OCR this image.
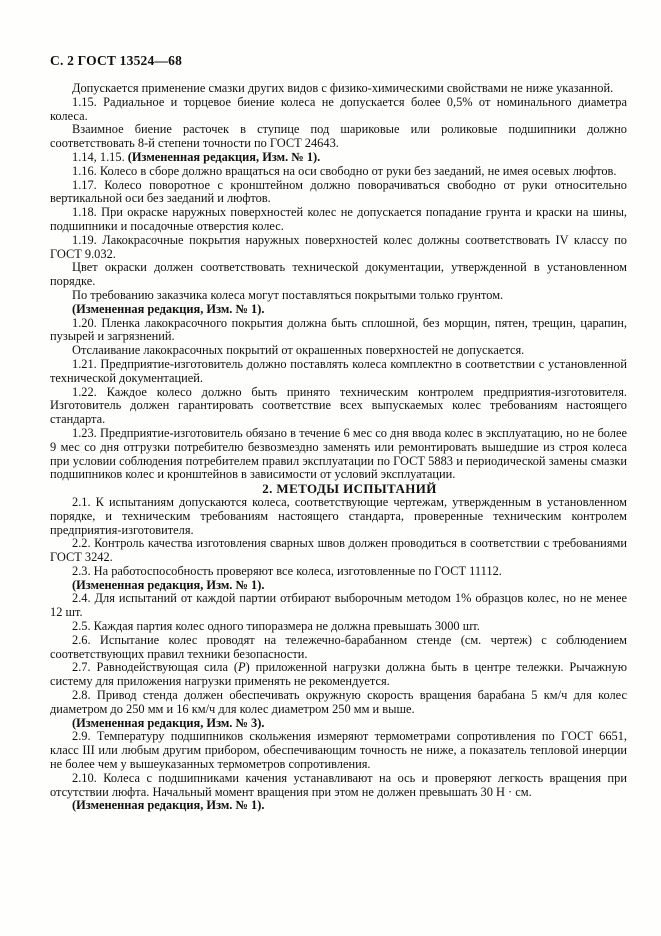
С. 2 ГОСТ 13524—68

Допускается применение смазки других видов с физико-химическими свойствами не ниже указанной.

1.15. Радиальное и торцевое биение колеса не допускается более 0,5% от номинального диаметра колеса.

Взаимное биение расточек в ступице под шариковые или роликовые подшипники должно соответствовать 8-й степени точности по ГОСТ 24643.

1.14, 1.15. (Измененная редакция, Изм. № 1).

1.16. Колесо в сборе должно вращаться на оси свободно от руки без заеданий, не имея осевых люфтов.

1.17. Колесо поворотное с кронштейном должно поворачиваться свободно от руки относительно вертикальной оси без заеданий и люфтов.

1.18. При окраске наружных поверхностей колес не допускается попадание грунта и краски на шины, подшипники и посадочные отверстия колес.

1.19. Лакокрасочные покрытия наружных поверхностей колес должны соответствовать IV классу по ГОСТ 9.032.

Цвет окраски должен соответствовать технической документации, утвержденной в установленном порядке.

По требованию заказчика колеса могут поставляться покрытыми только грунтом.

(Измененная редакция, Изм. № 1).

1.20. Пленка лакокрасочного покрытия должна быть сплошной, без морщин, пятен, трещин, царапин, пузырей и загрязнений.

Отслаивание лакокрасочных покрытий от окрашенных поверхностей не допускается.

1.21. Предприятие-изготовитель должно поставлять колеса комплектно в соответствии с установленной технической документацией.

1.22. Каждое колесо должно быть принято техническим контролем предприятия-изготовителя. Изготовитель должен гарантировать соответствие всех выпускаемых колес требованиям настоящего стандарта.

1.23. Предприятие-изготовитель обязано в течение 6 мес со дня ввода колес в эксплуатацию, но не более 9 мес со дня отгрузки потребителю безвозмездно заменять или ремонтировать вышедшие из строя колеса при условии соблюдения потребителем правил эксплуатации по ГОСТ 5883 и периодической замены смазки подшипников колес и кронштейнов в зависимости от условий эксплуатации.

2. МЕТОДЫ ИСПЫТАНИЙ

2.1. К испытаниям допускаются колеса, соответствующие чертежам, утвержденным в установленном порядке, и техническим требованиям настоящего стандарта, проверенные техническим контролем предприятия-изготовителя.

2.2. Контроль качества изготовления сварных швов должен проводиться в соответствии с требованиями ГОСТ 3242.

2.3. На работоспособность проверяют все колеса, изготовленные по ГОСТ 11112.

(Измененная редакция, Изм. № 1).

2.4. Для испытаний от каждой партии отбирают выборочным методом 1% образцов колес, но не менее 12 шт.

2.5. Каждая партия колес одного типоразмера не должна превышать 3000 шт.

2.6. Испытание колес проводят на тележечно-барабанном стенде (см. чертеж) с соблюдением соответствующих правил техники безопасности.

2.7. Равнодействующая сила (Р) приложенной нагрузки должна быть в центре тележки. Рычажную систему для приложения нагрузки применять не рекомендуется.

2.8. Привод стенда должен обеспечивать окружную скорость вращения барабана 5 км/ч для колес диаметром до 250 мм и 16 км/ч для колес диаметром 250 мм и выше.

(Измененная редакция, Изм. № 3).

2.9. Температуру подшипников скольжения измеряют термометрами сопротивления по ГОСТ 6651, класс III или любым другим прибором, обеспечивающим точность не ниже, а показатель тепловой инерции не более чем у вышеуказанных термометров сопротивления.

2.10. Колеса с подшипниками качения устанавливают на ось и проверяют легкость вращения при отсутствии люфта. Начальный момент вращения при этом не должен превышать 30 Н · см.

(Измененная редакция, Изм. № 1).
